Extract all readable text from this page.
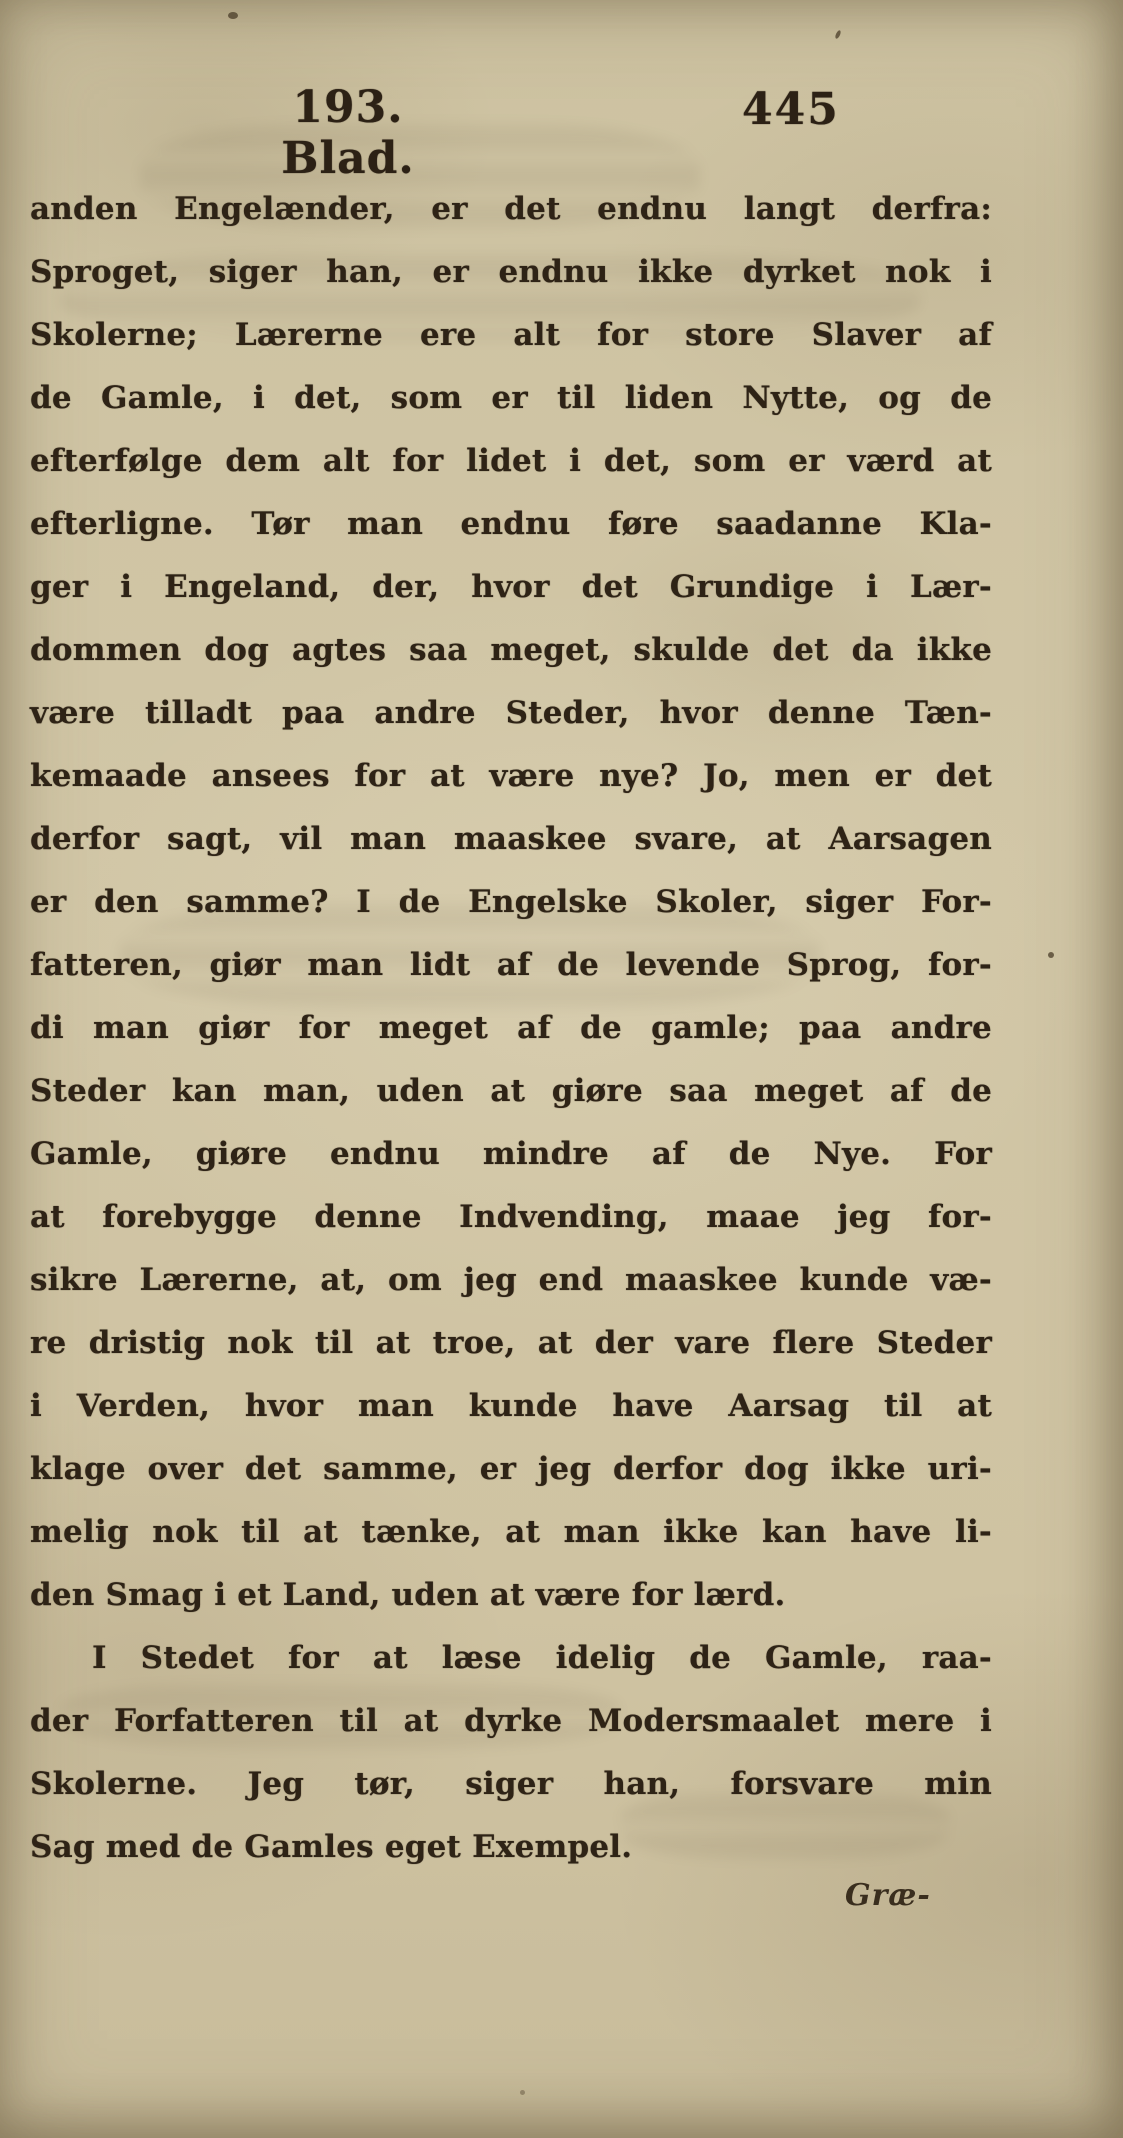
193. Blad.
445
anden Engelænder, er det endnu langt derfra:
Sproget, siger han, er endnu ikke dyrket nok i
Skolerne; Lærerne ere alt for store Slaver af
de Gamle, i det, som er til liden Nytte, og de
efterfølge dem alt for lidet i det, som er værd at
efterligne. Tør man endnu føre saadanne Kla-
ger i Engeland, der, hvor det Grundige i Lær-
dommen dog agtes saa meget, skulde det da ikke
være tilladt paa andre Steder, hvor denne Tæn-
kemaade ansees for at være nye? Jo, men er det
derfor sagt, vil man maaskee svare, at Aarsagen
er den samme? I de Engelske Skoler, siger For-
fatteren, giør man lidt af de levende Sprog, for-
di man giør for meget af de gamle; paa andre
Steder kan man, uden at giøre saa meget af de
Gamle, giøre endnu mindre af de Nye. For
at forebygge denne Indvending, maae jeg for-
sikre Lærerne, at, om jeg end maaskee kunde væ-
re dristig nok til at troe, at der vare flere Steder
i Verden, hvor man kunde have Aarsag til at
klage over det samme, er jeg derfor dog ikke uri-
melig nok til at tænke, at man ikke kan have li-
den Smag i et Land, uden at være for lærd.
I Stedet for at læse idelig de Gamle, raa-
der Forfatteren til at dyrke Modersmaalet mere i
Skolerne. Jeg tør, siger han, forsvare min
Sag med de Gamles eget Exempel.
Græ-
